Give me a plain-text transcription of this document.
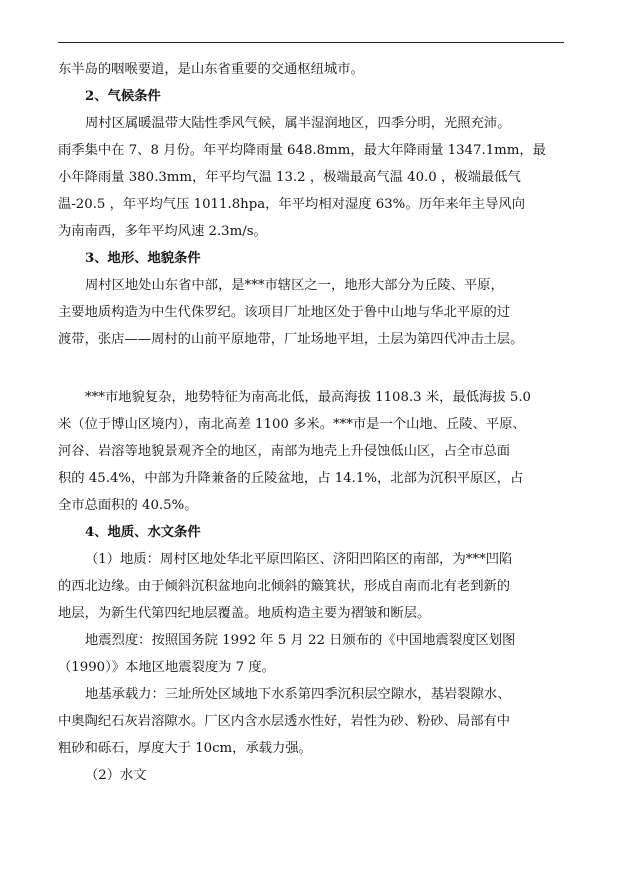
东半岛的咽喉要道，是山东省重要的交通枢纽城市。

2、气候条件

周村区属暖温带大陆性季风气候，属半湿润地区，四季分明，光照充沛。

雨季集中在 7、8 月份。年平均降雨量 648.8mm，最大年降雨量 1347.1mm，最

小年降雨量 380.3mm，年平均气温 13.2 ，极端最高气温 40.0 ，极端最低气

温-20.5 ，年平均气压 1011.8hpa，年平均相对湿度 63%。历年来年主导风向

为南南西，多年平均风速 2.3m/s。

3、地形、地貌条件

周村区地处山东省中部，是***市辖区之一，地形大部分为丘陵、平原，

主要地质构造为中生代侏罗纪。该项目厂址地区处于鲁中山地与华北平原的过

渡带，张店——周村的山前平原地带，厂址场地平坦，土层为第四代冲击土层。

***市地貌复杂，地势特征为南高北低，最高海拔 1108.3 米，最低海拔 5.0

米（位于博山区境内），南北高差 1100 多米。***市是一个山地、丘陵、平原、

河谷、岩溶等地貌景观齐全的地区，南部为地壳上升侵蚀低山区，占全市总面

积的 45.4%，中部为升降兼备的丘陵盆地，占 14.1%，北部为沉积平原区，占

全市总面积的 40.5%。

4、地质、水文条件

（1）地质：周村区地处华北平原凹陷区、济阳凹陷区的南部，为***凹陷

的西北边缘。由于倾斜沉积盆地向北倾斜的簸箕状，形成自南而北有老到新的

地层，为新生代第四纪地层覆盖。地质构造主要为褶皱和断层。

地震烈度：按照国务院 1992 年 5 月 22 日颁布的《中国地震裂度区划图

（1990）》本地区地震裂度为 7 度。

地基承载力：三址所处区域地下水系第四季沉积层空隙水，基岩裂隙水、

中奥陶纪石灰岩溶隙水。厂区内含水层透水性好，岩性为砂、粉砂、局部有中

粗砂和砾石，厚度大于 10cm，承载力强。

（2）水文
